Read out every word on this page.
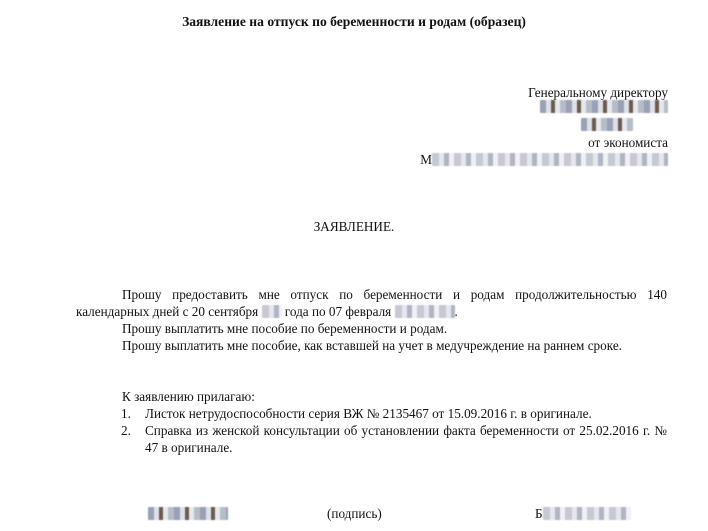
Заявление на отпуск по беременности и родам (образец)
Генеральному директору
от экономиста
М
ЗАЯВЛЕНИЕ.
Прошу предоставить мне отпуск по беременности и родам продолжительностью 140 календарных дней с 20 сентября года по 07 февраля	.
Прошу выплатить мне пособие по беременности и родам.
Прошу выплатить мне пособие, как вставшей на учет в медучреждение на раннем сроке.
К заявлению прилагаю:
1. Листок нетрудоспособности серия ВЖ № 2135467 от 15.09.2016 г. в оригинале.
2. Справка из женской консультации об установлении факта беременности от 25.02.2016 г. № 47 в оригинале.
(подпись)	Б
